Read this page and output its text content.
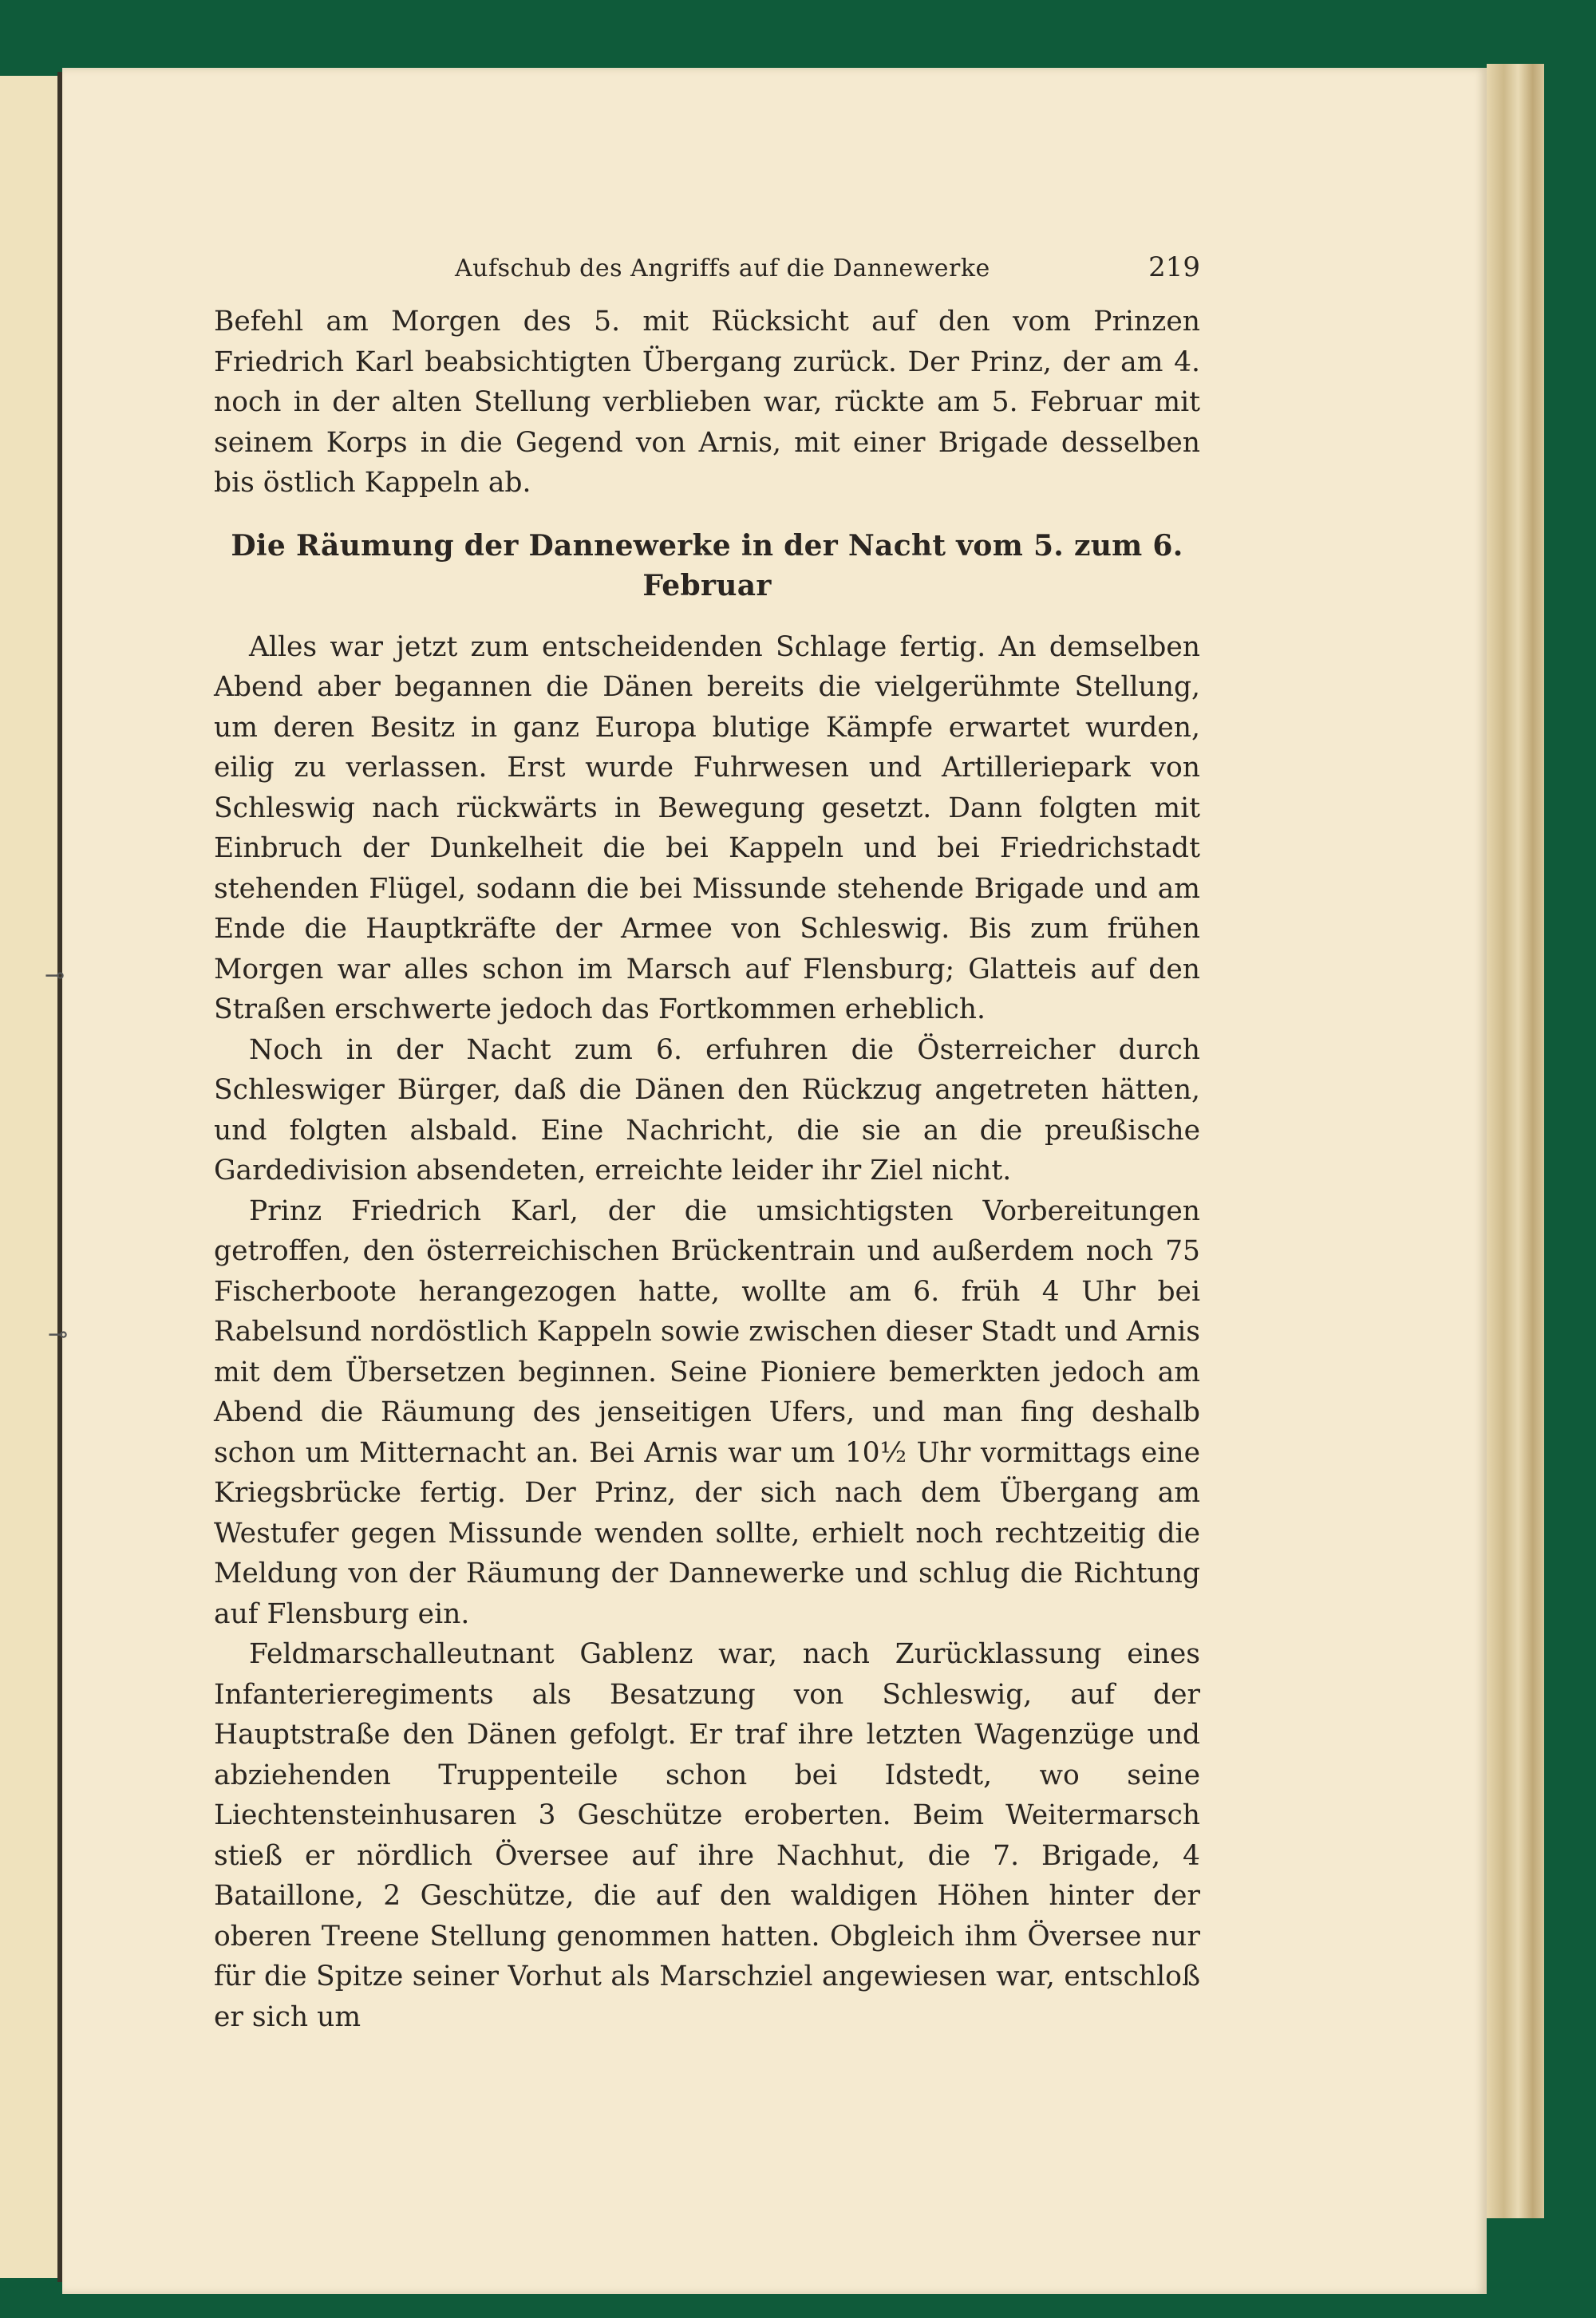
Aufschub des Angriffs auf die Dannewerke	219

Befehl am Morgen des 5. mit Rücksicht auf den vom Prinzen Friedrich Karl beabsichtigten Übergang zurück. Der Prinz, der am 4. noch in der alten Stellung verblieben war, rückte am 5. Februar mit seinem Korps in die Gegend von Arnis, mit einer Brigade desselben bis östlich Kappeln ab.

Die Räumung der Dannewerke in der Nacht vom 5. zum 6. Februar

Alles war jetzt zum entscheidenden Schlage fertig. An demselben Abend aber begannen die Dänen bereits die vielgerühmte Stellung, um deren Besitz in ganz Europa blutige Kämpfe erwartet wurden, eilig zu verlassen. Erst wurde Fuhrwesen und Artilleriepark von Schleswig nach rückwärts in Bewegung gesetzt. Dann folgten mit Einbruch der Dunkelheit die bei Kappeln und bei Friedrichstadt stehenden Flügel, sodann die bei Missunde stehende Brigade und am Ende die Hauptkräfte der Armee von Schleswig. Bis zum frühen Morgen war alles schon im Marsch auf Flensburg; Glatteis auf den Straßen erschwerte jedoch das Fortkommen erheblich.

Noch in der Nacht zum 6. erfuhren die Österreicher durch Schleswiger Bürger, daß die Dänen den Rückzug angetreten hätten, und folgten alsbald. Eine Nachricht, die sie an die preußische Gardedivision absendeten, erreichte leider ihr Ziel nicht.

Prinz Friedrich Karl, der die umsichtigsten Vorbereitungen getroffen, den österreichischen Brückentrain und außerdem noch 75 Fischerboote herangezogen hatte, wollte am 6. früh 4 Uhr bei Rabelsund nordöstlich Kappeln sowie zwischen dieser Stadt und Arnis mit dem Übersetzen beginnen. Seine Pioniere bemerkten jedoch am Abend die Räumung des jenseitigen Ufers, und man fing deshalb schon um Mitternacht an. Bei Arnis war um 10½ Uhr vormittags eine Kriegsbrücke fertig. Der Prinz, der sich nach dem Übergang am Westufer gegen Missunde wenden sollte, erhielt noch rechtzeitig die Meldung von der Räumung der Dannewerke und schlug die Richtung auf Flensburg ein.

Feldmarschalleutnant Gablenz war, nach Zurücklassung eines Infanterieregiments als Besatzung von Schleswig, auf der Hauptstraße den Dänen gefolgt. Er traf ihre letzten Wagenzüge und abziehenden Truppenteile schon bei Idstedt, wo seine Liechtensteinhusaren 3 Geschütze eroberten. Beim Weitermarsch stieß er nördlich Översee auf ihre Nachhut, die 7. Brigade, 4 Bataillone, 2 Geschütze, die auf den waldigen Höhen hinter der oberen Treene Stellung genommen hatten. Obgleich ihm Översee nur für die Spitze seiner Vorhut als Marschziel angewiesen war, entschloß er sich um

⊸
⊸
